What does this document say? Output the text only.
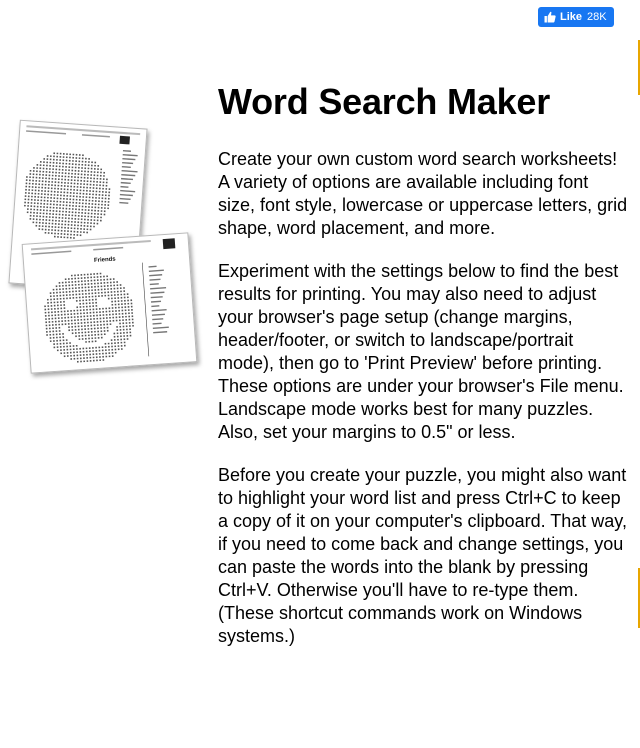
Like 28K
Friends
Word Search Maker

Create your own custom word search worksheets! A variety of options are available including font size, font style, lowercase or uppercase letters, grid shape, word placement, and more.

Experiment with the settings below to find the best results for printing. You may also need to adjust your browser's page setup (change margins, header/footer, or switch to landscape/portrait mode), then go to 'Print Preview' before printing. These options are under your browser's File menu. Landscape mode works best for many puzzles. Also, set your margins to 0.5" or less.

Before you create your puzzle, you might also want to highlight your word list and press Ctrl+C to keep a copy of it on your computer's clipboard. That way, if you need to come back and change settings, you can paste the words into the blank by pressing Ctrl+V. Otherwise you'll have to re-type them. (These shortcut commands work on Windows systems.)
